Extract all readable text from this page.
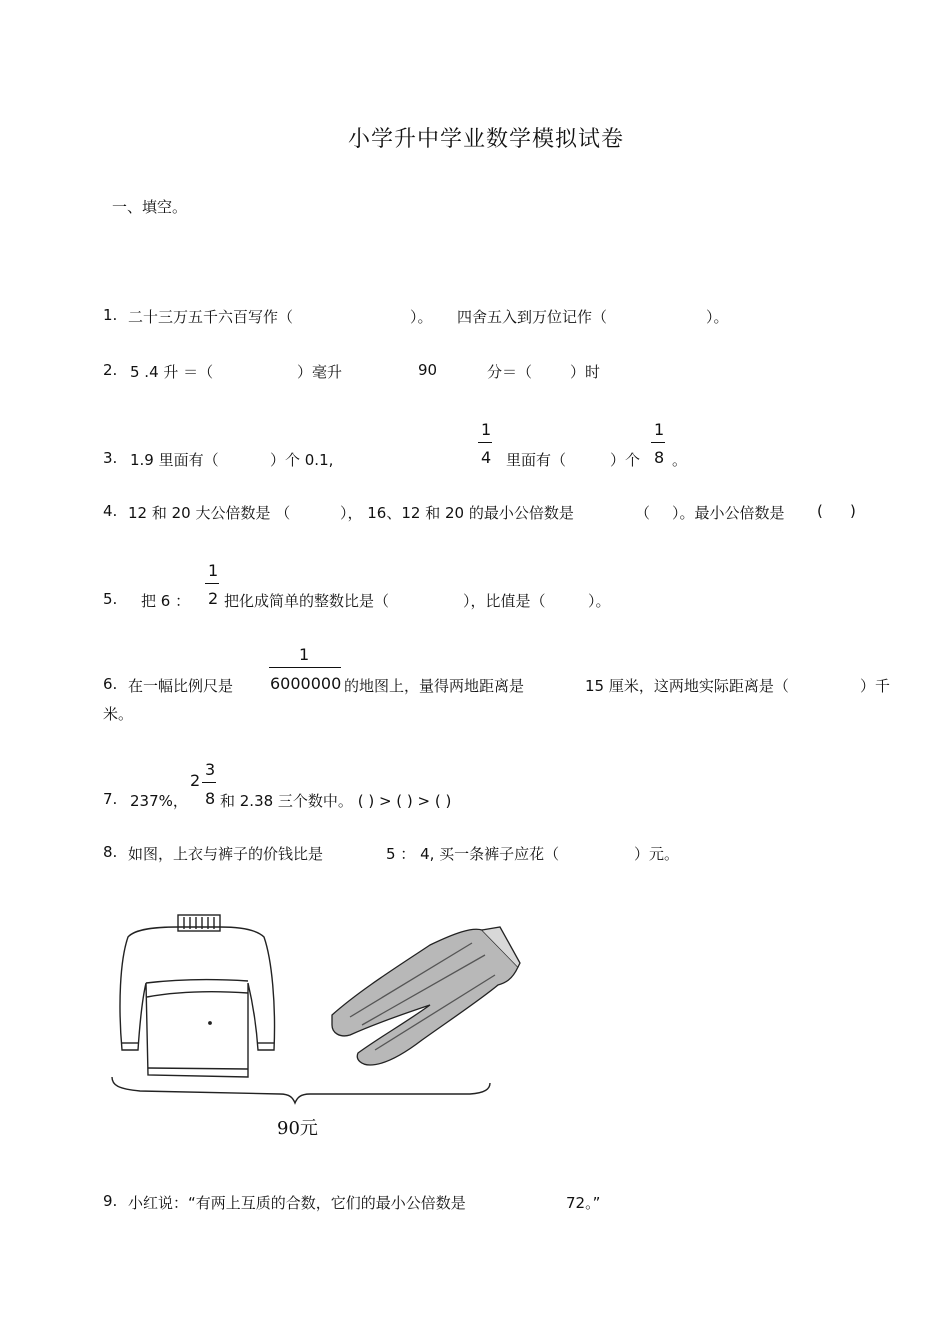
小学升中学业数学模拟试卷
一、填空。
1. 二十三万五千六百写作（	）。 四舍五入到万位记作（	）。
2. 5 .4 升 ＝（	）毫升	90	分＝（	）时
3. 1.9 里面有（	）个 0.1,
1
4 里面有（	）个
1
8 。
4. 12 和 20 大公倍数是 （	）， 16、12 和 20 的最小公倍数是	（ ）。最小公倍数是 ( )
5. 把 6 ：
1
2 把化成简单的整数比是（	），比值是（	）。
6. 在一幅比例尺是
1
6000000 的地图上，量得两地距离是	15 厘米，这两地实际距离是（	）千
米。
7. 237%，
2
3
8 和 2.38 三个数中。 ( ) > ( ) > ( )
8. 如图，上衣与裤子的价钱比是	5 ： 4, 买一条裤子应花（	）元。
90元
9. 小红说：“有两上互质的合数，它们的最小公倍数是	72。”
